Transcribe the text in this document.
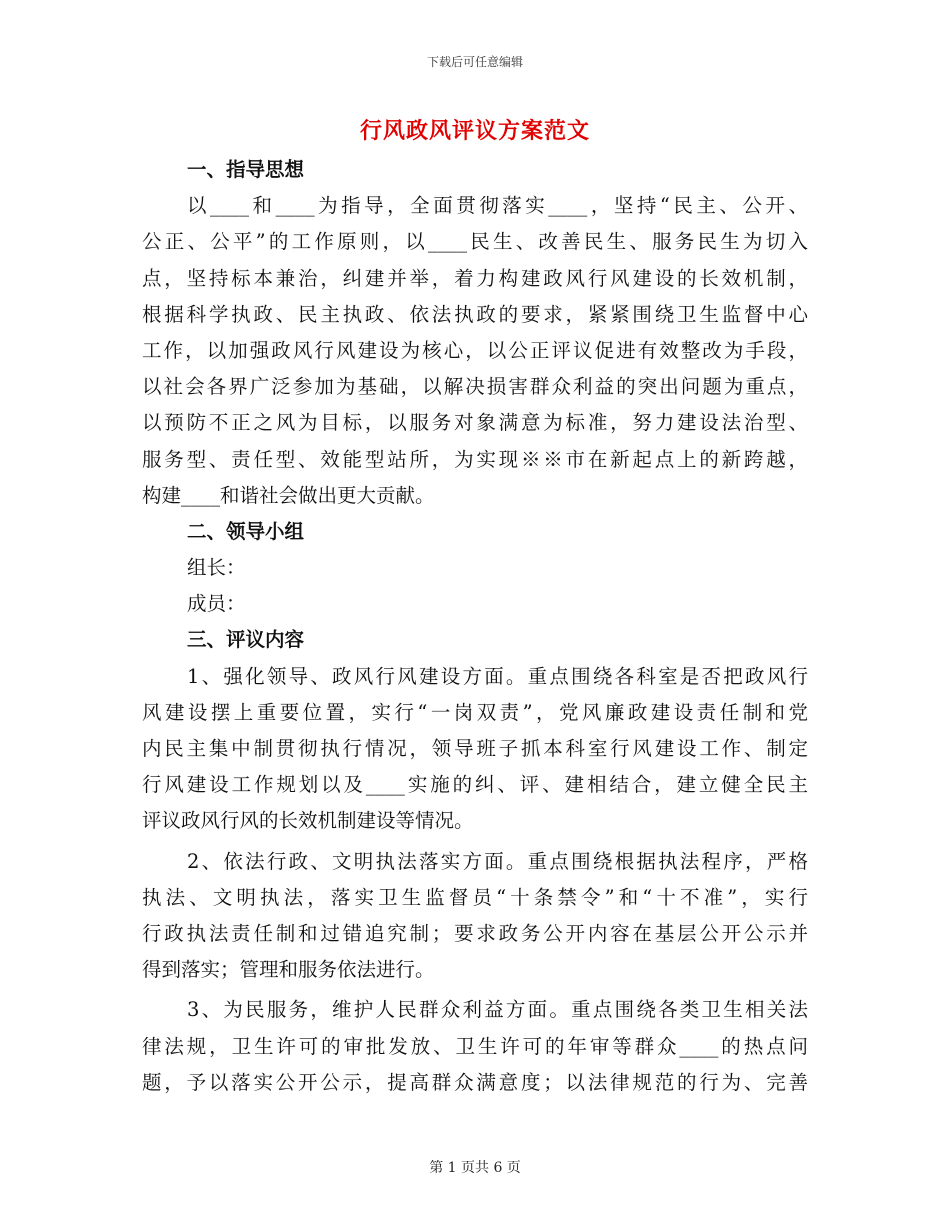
下载后可任意编辑
行风政风评议方案范文
一、指导思想
以____和____为指导，全面贯彻落实____，坚持“民主、公开、
公正、公平”的工作原则，以____民生、改善民生、服务民生为切入
点，坚持标本兼治，纠建并举，着力构建政风行风建设的长效机制，
根据科学执政、民主执政、依法执政的要求，紧紧围绕卫生监督中心
工作，以加强政风行风建设为核心，以公正评议促进有效整改为手段，
以社会各界广泛参加为基础，以解决损害群众利益的突出问题为重点，
以预防不正之风为目标，以服务对象满意为标准，努力建设法治型、
服务型、责任型、效能型站所，为实现※※市在新起点上的新跨越，
构建____和谐社会做出更大贡献。
二、领导小组
组长：
成员：
三、评议内容
1、强化领导、政风行风建设方面。重点围绕各科室是否把政风行
风建设摆上重要位置，实行“一岗双责”，党风廉政建设责任制和党
内民主集中制贯彻执行情况，领导班子抓本科室行风建设工作、制定
行风建设工作规划以及____实施的纠、评、建相结合，建立健全民主
评议政风行风的长效机制建设等情况。
2、依法行政、文明执法落实方面。重点围绕根据执法程序，严格
执法、文明执法，落实卫生监督员“十条禁令”和“十不准”，实行
行政执法责任制和过错追究制；要求政务公开内容在基层公开公示并
得到落实；管理和服务依法进行。
3、为民服务，维护人民群众利益方面。重点围绕各类卫生相关法
律法规，卫生许可的审批发放、卫生许可的年审等群众____的热点问
题，予以落实公开公示，提高群众满意度；以法律规范的行为、完善
第 1 页共 6 页
